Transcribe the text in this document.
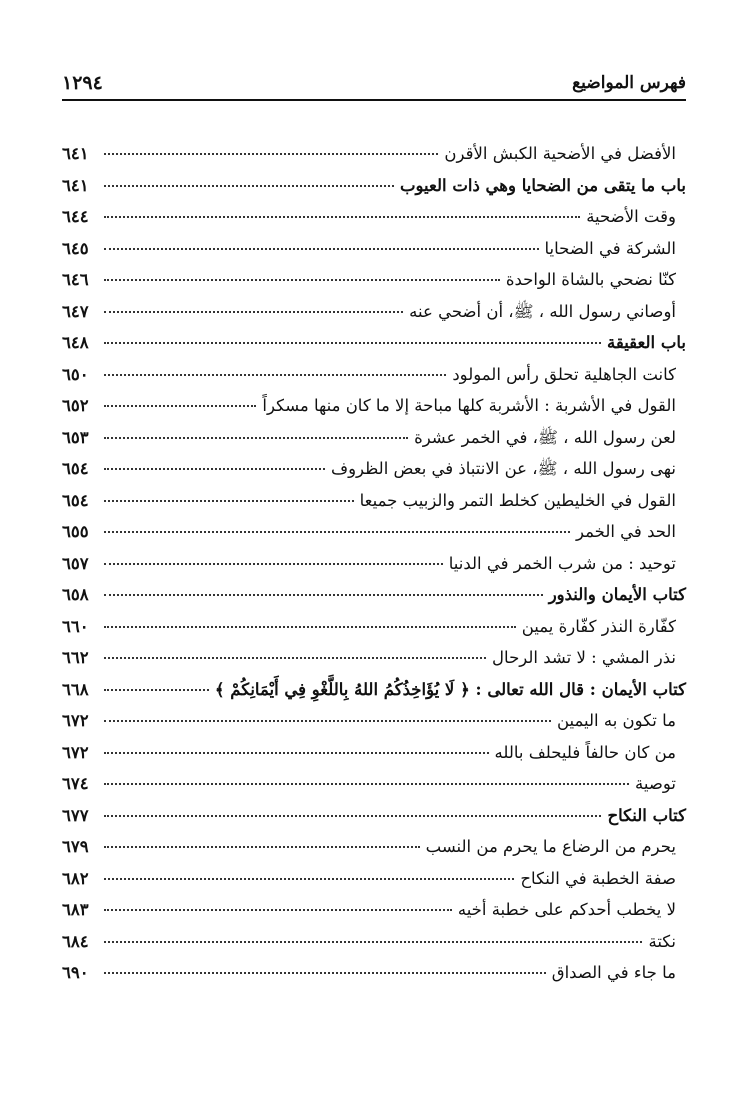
فهرس المواضيع
١٢٩٤
الأفضل في الأضحية الكبش الأقرن
٦٤١
باب ما يتقى من الضحايا وهي ذات العيوب
٦٤١
وقت الأضحية
٦٤٤
الشركة في الضحايا
٦٤٥
كنّا نضحي بالشاة الواحدة
٦٤٦
أوصاني رسول الله ، ﷺ، أن أضحي عنه
٦٤٧
باب العقيقة
٦٤٨
كانت الجاهلية تحلق رأس المولود
٦٥٠
القول في الأشربة : الأشربة كلها مباحة إلا ما كان منها مسكراً
٦٥٢
لعن رسول الله ، ﷺ، في الخمر عشرة
٦٥٣
نهى رسول الله ، ﷺ، عن الانتباذ في بعض الظروف
٦٥٤
القول في الخليطين كخلط التمر والزبيب جميعا
٦٥٤
الحد في الخمر
٦٥٥
توحيد : من شرب الخمر في الدنيا
٦٥٧
كتاب الأيمان والنذور
٦٥٨
كفّارة النذر كفّارة يمين
٦٦٠
نذر المشي : لا تشد الرحال
٦٦٢
كتاب الأيمان : قال الله تعالى : ﴿ لَا يُؤَاخِذُكُمُ اللهُ بِاللَّغْوِ فِي أَيْمَانِكُمْ ﴾
٦٦٨
ما تكون به اليمين
٦٧٢
من كان حالفاً فليحلف بالله
٦٧٢
توصية
٦٧٤
كتاب النكاح
٦٧٧
يحرم من الرضاع ما يحرم من النسب
٦٧٩
صفة الخطبة في النكاح
٦٨٢
لا يخطب أحدكم على خطبة أخيه
٦٨٣
نكتة
٦٨٤
ما جاء في الصداق
٦٩٠
